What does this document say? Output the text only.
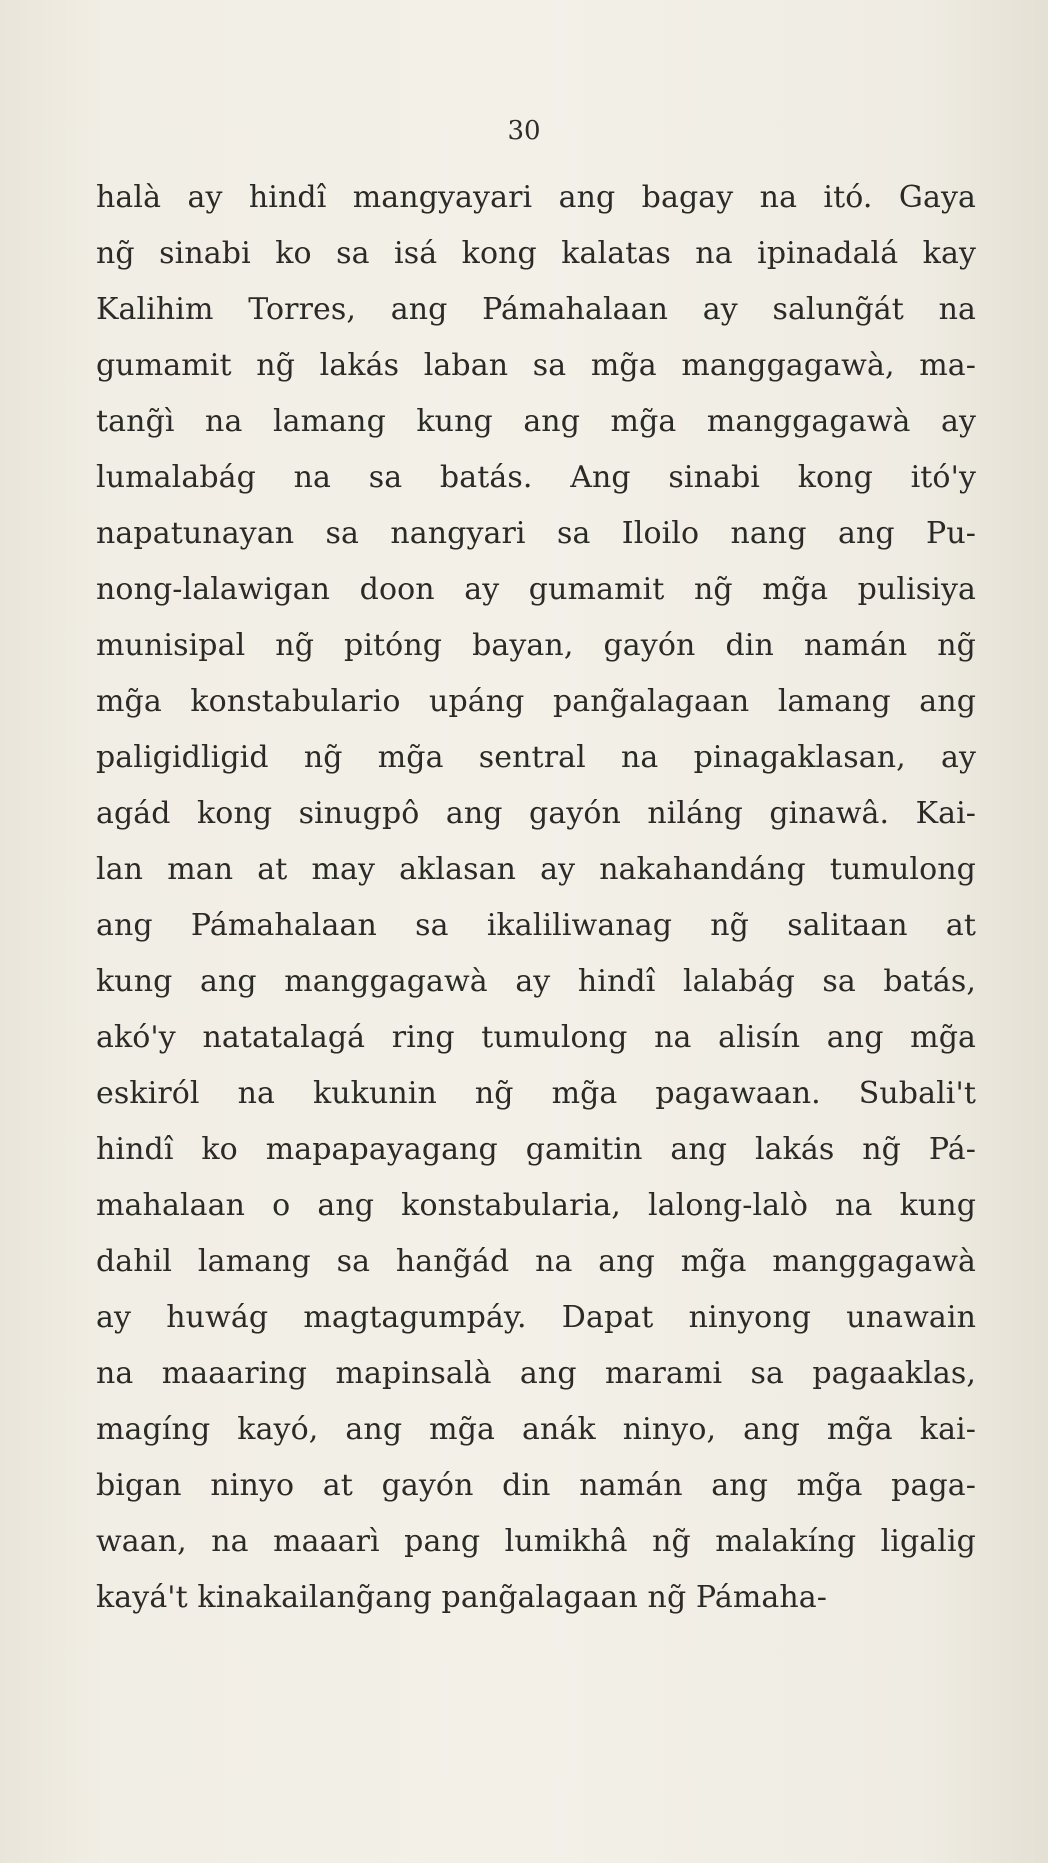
30
halà ay hindî mangyayari ang bagay na itó. Gaya
ng̃ sinabi ko sa isá kong kalatas na ipinadalá kay
Kalihim Torres, ang Pámahalaan ay salung̃át na
gumamit ng̃ lakás laban sa mg̃a manggagawà, ma-
tang̃ì na lamang kung ang mg̃a manggagawà ay
lumalabág na sa batás. Ang sinabi kong itó'y
napatunayan sa nangyari sa Iloilo nang ang Pu-
nong-lalawigan doon ay gumamit ng̃ mg̃a pulisiya
munisipal ng̃ pitóng bayan, gayón din namán ng̃
mg̃a konstabulario upáng pang̃alagaan lamang ang
paligidligid ng̃ mg̃a sentral na pinagaklasan, ay
agád kong sinugpô ang gayón niláng ginawâ. Kai-
lan man at may aklasan ay nakahandáng tumulong
ang Pámahalaan sa ikaliliwanag ng̃ salitaan at
kung ang manggagawà ay hindî lalabág sa batás,
akó'y natatalagá ring tumulong na alisín ang mg̃a
eskiról na kukunin ng̃ mg̃a pagawaan. Subali't
hindî ko mapapayagang gamitin ang lakás ng̃ Pá-
mahalaan o ang konstabularia, lalong-lalò na kung
dahil lamang sa hang̃ád na ang mg̃a manggagawà
ay huwág magtagumpáy. Dapat ninyong unawain
na maaaring mapinsalà ang marami sa pagaaklas,
magíng kayó, ang mg̃a anák ninyo, ang mg̃a kai-
bigan ninyo at gayón din namán ang mg̃a paga-
waan, na maaarì pang lumikhâ ng̃ malakíng ligalig
kayá't kinakailang̃ang pang̃alagaan ng̃ Pámaha-
